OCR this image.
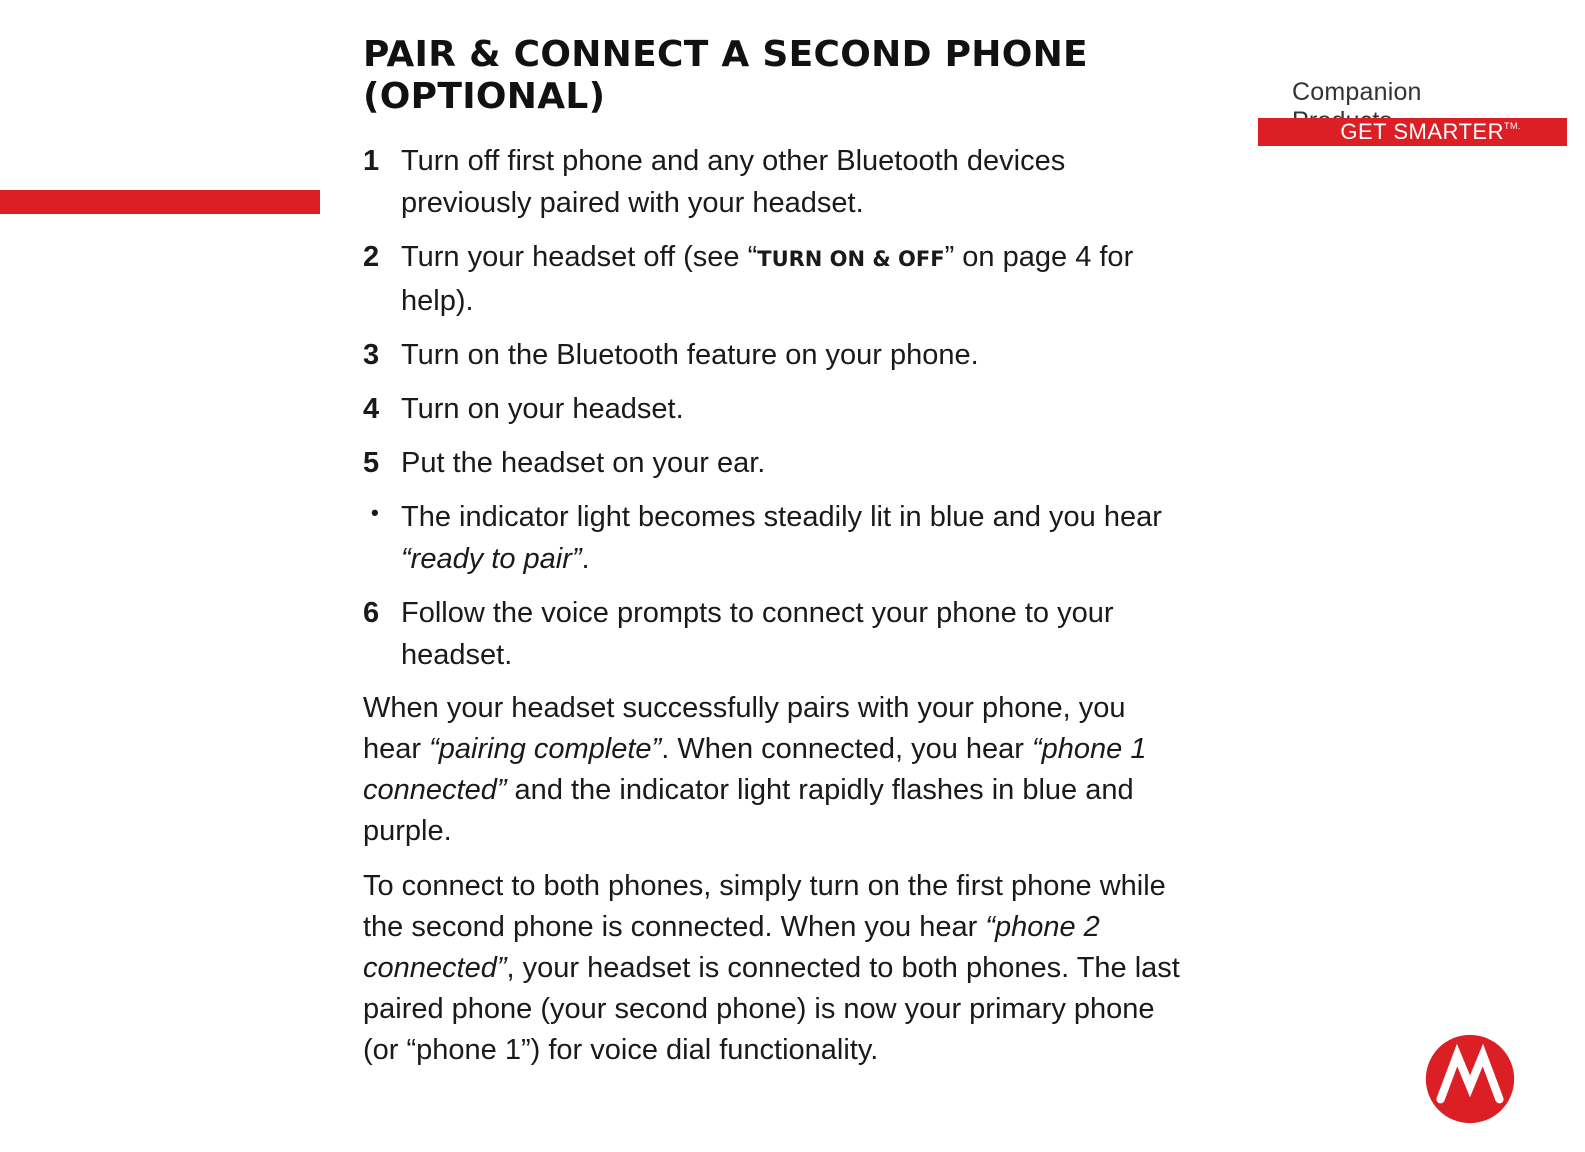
Companion
GET $SMARTER^{TM.}$
PAIR & CONNECT A SECOND PHONE
(OPTIONAL)
1 Turn off first phone and any other Bluetooth devices previously paired with your headset.
2 Turn your headset off (see “TURN ON & OFF” on page 4 for help).
3 Turn on the Bluetooth feature on your phone.
4 Turn on your headset.
5 Put the headset on your ear.
• The indicator light becomes steadily lit in blue and you hear “ready to pair”.
6 Follow the voice prompts to connect your phone to your headset.

When your headset successfully pairs with your phone, you hear “pairing complete”. When connected, you hear “phone 1 connected” and the indicator light rapidly flashes in blue and purple.

To connect to both phones, simply turn on the first phone while the second phone is connected. When you hear “phone 2 connected”, your headset is connected to both phones. The last paired phone (your second phone) is now your primary phone (or “phone 1”) for voice dial functionality.
